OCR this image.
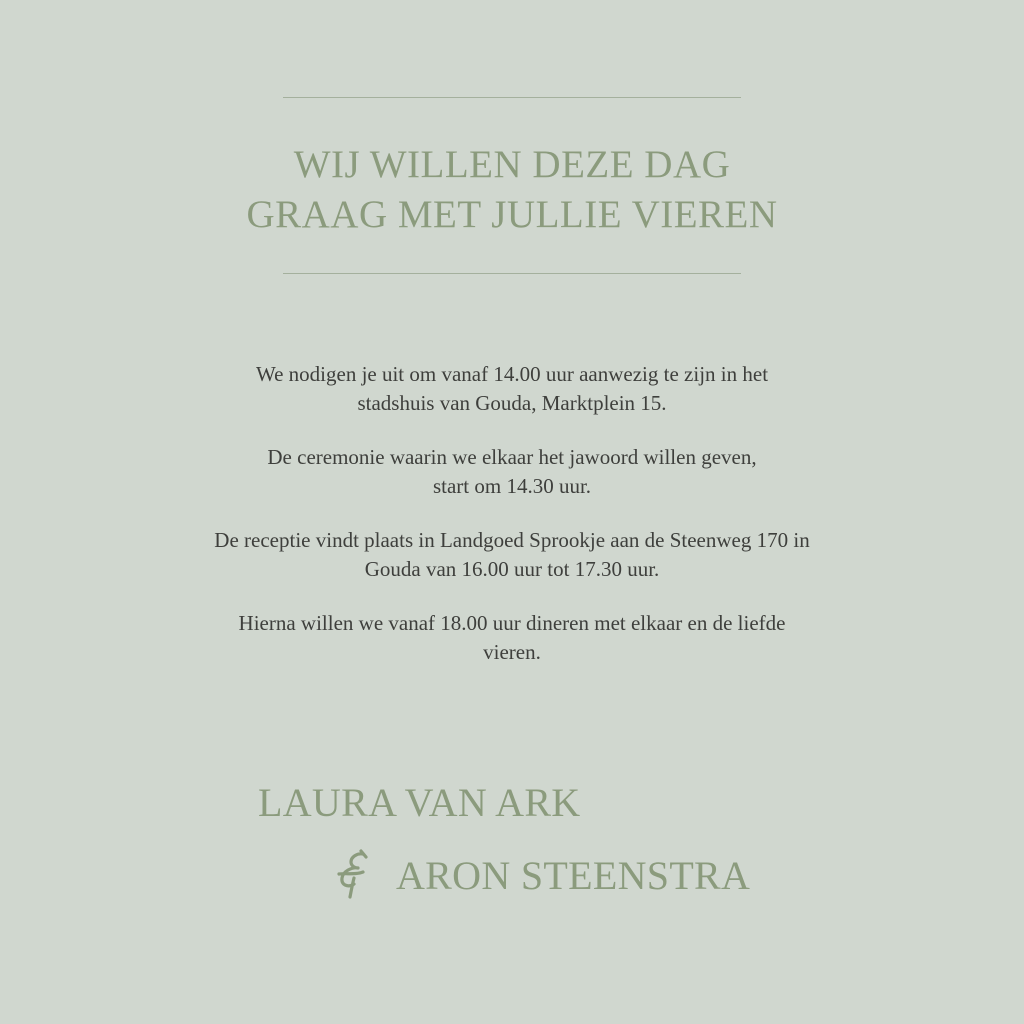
WIJ WILLEN DEZE DAG
GRAAG MET JULLIE VIEREN

We nodigen je uit om vanaf 14.00 uur aanwezig te zijn in het
stadshuis van Gouda, Marktplein 15.

De ceremonie waarin we elkaar het jawoord willen geven,
start om 14.30 uur.

De receptie vindt plaats in Landgoed Sprookje aan de Steenweg 170 in
Gouda van 16.00 uur tot 17.30 uur.

Hierna willen we vanaf 18.00 uur dineren met elkaar en de liefde
vieren.

LAURA VAN ARK
ARON STEENSTRA
